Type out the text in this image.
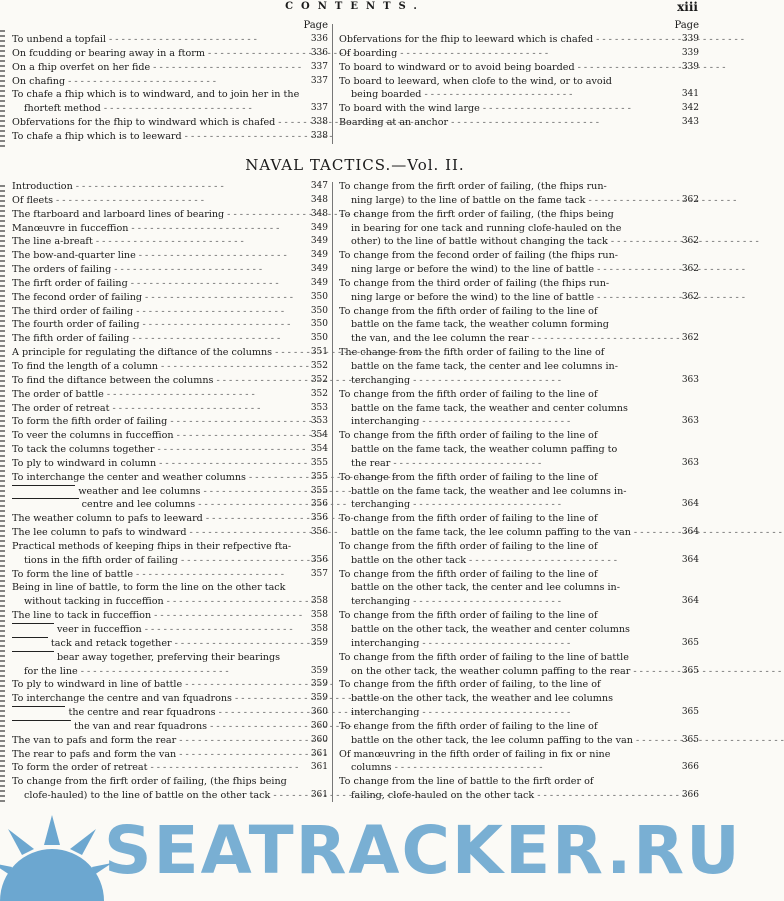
CONTENTS.	xiii
Page
To unbend a topfail -	336
On fcudding or bearing away in a ftorm -	336
On a fhip overfet on her fide -	337
On chafing -	337
To chafe a fhip which is to windward, and to join her in the
fhorteft method -	337
Obfervations for the fhip to windward which is chafed -	338
To chafe a fhip which is to leeward -	338
Page
Obfervations for the fhip to leeward which is chafed -	339
Of boarding -	339
To board to windward or to avoid being boarded -	339
To board to leeward, when clofe to the wind, or to avoid
being boarded -	341
To board with the wind large -	342
Boarding at an anchor -	343
NAVAL TACTICS.—Vol. II.
Introduction -	347
Of fleets -	348
The ftarboard and larboard lines of bearing -	348
Manœuvre in fucceffion -	349
The line a-breaft -	349
The bow-and-quarter line -	349
The orders of failing -	349
The firft order of failing -	349
The fecond order of failing -	350
The third order of failing -	350
The fourth order of failing -	350
The fifth order of failing -	350
A principle for regulating the diftance of the columns -	351
To find the length of a column -	352
To find the diftance between the columns -	352
The order of battle -	352
The order of retreat -	353
To form the fifth order of failing -	353
To veer the columns in fucceffion -	354
To tack the columns together -	354
To ply to windward in column -	355
To interchange the center and weather columns -	355
weather and lee columns -	355
centre and lee columns -	356
The weather column to pafs to leeward -	356
The lee column to pafs to windward -	356
Practical methods of keeping fhips in their refpective fta-
tions in the fifth order of failing -	356
To form the line of battle -	357
Being in line of battle, to form the line on the other tack
without tacking in fucceffion -	358
The line to tack in fucceffion -	358
veer in fucceffion -	358
tack and retack together -	359
bear away together, preferving their bearings
for the line -	359
To ply to windward in line of battle -	359
To interchange the centre and van fquadrons -	359
the centre and rear fquadrons -	360
the van and rear fquadrons -	360
The van to pafs and form the rear -	360
The rear to pafs and form the van -	361
To form the order of retreat -	361
To change from the firft order of failing, (the fhips being
clofe-hauled) to the line of battle on the other tack -	361
To change from the firft order of failing, (the fhips run-
ning large) to the line of battle on the fame tack -	362
To change from the firft order of failing, (the fhips being
in bearing for one tack and running clofe-hauled on the
other) to the line of battle without changing the tack -	362
To change from the fecond order of failing (the fhips run-
ning large or before the wind) to the line of battle -	362
To change from the third order of failing (the fhips run-
ning large or before the wind) to the line of battle -	362
To change from the fifth order of failing to the line of
battle on the fame tack, the weather column forming
the van, and the lee column the rear -	362
The change from the fifth order of failing to the line of
battle on the fame tack, the center and lee columns in-
terchanging -	363
To change from the fifth order of failing to the line of
battle on the fame tack, the weather and center columns
interchanging -	363
To change from the fifth order of failing to the line of
battle on the fame tack, the weather column paffing to
the rear -	363
To change from the fifth order of failing to the line of
battle on the fame tack, the weather and lee columns in-
terchanging -	364
To change from the fifth order of failing to the line of
battle on the fame tack, the lee column paffing to the van -	364
To change from the fifth order of failing to the line of
battle on the other tack -	364
To change from the fifth order of failing to the line of
battle on the other tack, the center and lee columns in-
terchanging -	364
To change from the fifth order of failing to the line of
battle on the other tack, the weather and center columns
interchanging -	365
To change from the fifth order of failing to the line of battle
on the other tack, the weather column paffing to the rear -	365
To change from the fifth order of failing, to the line of
battle on the other tack, the weather and lee columns
interchanging -	365
To change from the fifth order of failing to the line of
battle on the other tack, the lee column paffing to the van -	365
Of manœuvring in the fifth order of failing in fix or nine
columns -	366
To change from the line of battle to the firft order of
failing, clofe-hauled on the other tack -	366
SEATRACKER.RU
